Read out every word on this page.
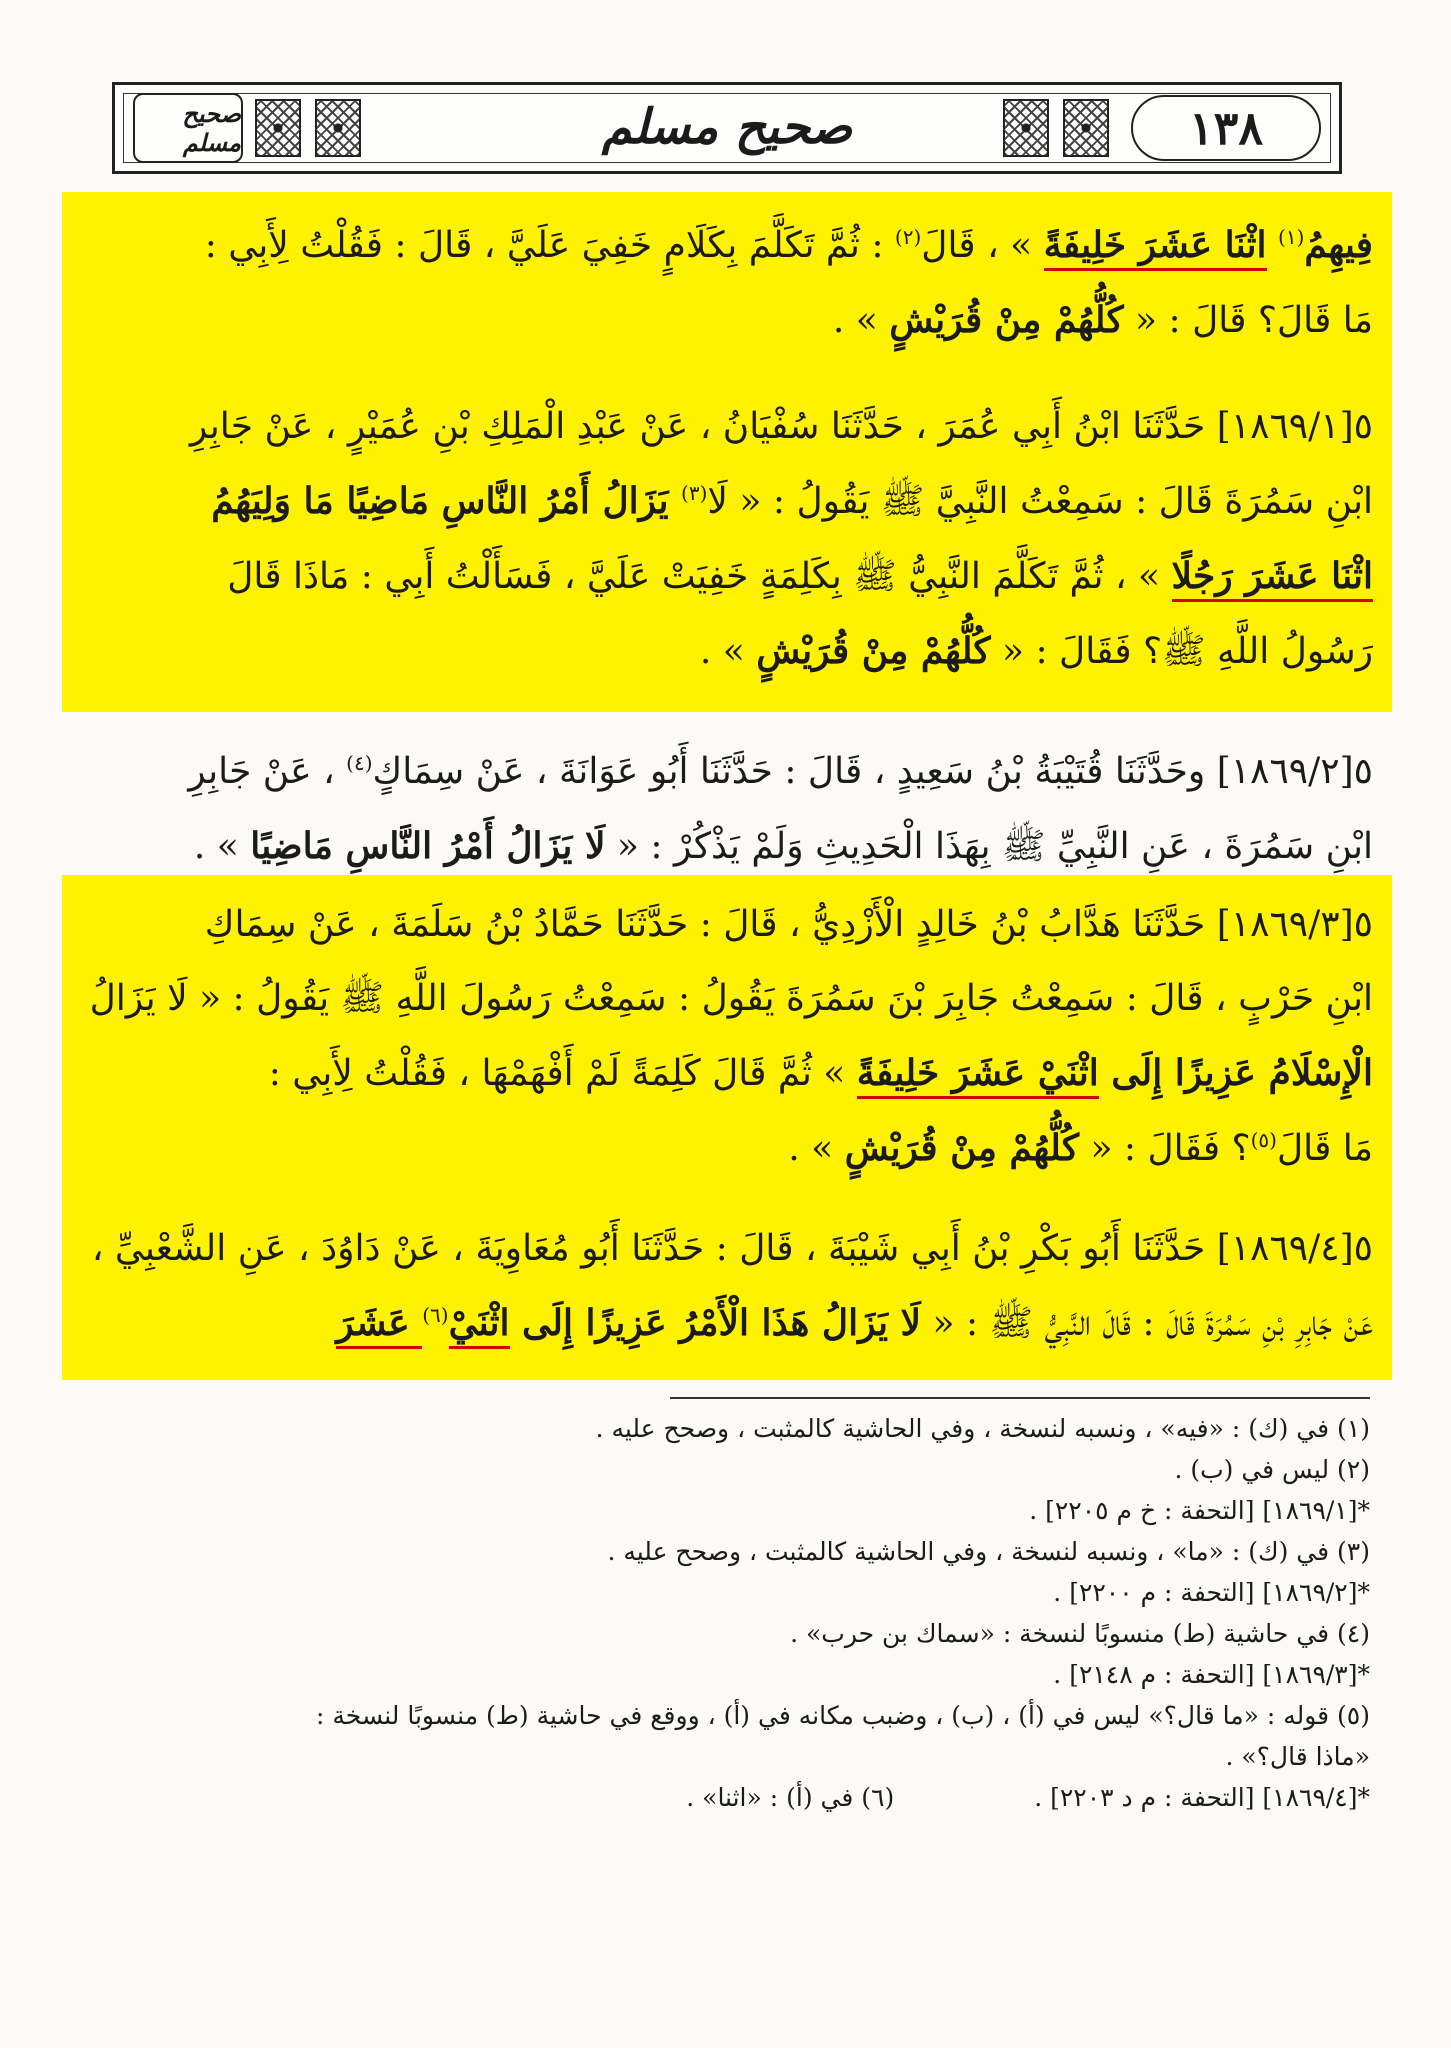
صحيح مسلم	صحيح مسلم	١٣٨
فِيهِمُ$^{(١)}$ اثْنَا عَشَرَ خَلِيفَةً » ، قَالَ$^{(٢)}$ : ثُمَّ تَكَلَّمَ بِكَلَامٍ خَفِيَ عَلَيَّ ، قَالَ : فَقُلْتُ لِأَبِي :
مَا قَالَ؟ قَالَ : « كُلُّهُمْ مِنْ قُرَيْشٍ » .
٥[١٨٦٩/١] حَدَّثَنَا ابْنُ أَبِي عُمَرَ ، حَدَّثَنَا سُفْيَانُ ، عَنْ عَبْدِ الْمَلِكِ بْنِ عُمَيْرٍ ، عَنْ جَابِرِ
ابْنِ سَمُرَةَ قَالَ : سَمِعْتُ النَّبِيَّ ﷺ يَقُولُ : « لَا$^{(٣)}$ يَزَالُ أَمْرُ النَّاسِ مَاضِيًا مَا وَلِيَهُمُ
اثْنَا عَشَرَ رَجُلًا » ، ثُمَّ تَكَلَّمَ النَّبِيُّ ﷺ بِكَلِمَةٍ خَفِيَتْ عَلَيَّ ، فَسَأَلْتُ أَبِي : مَاذَا قَالَ
رَسُولُ اللَّهِ ﷺ؟ فَقَالَ : « كُلُّهُمْ مِنْ قُرَيْشٍ » .
٥[١٨٦٩/٢] وحَدَّثَنَا قُتَيْبَةُ بْنُ سَعِيدٍ ، قَالَ : حَدَّثَنَا أَبُو عَوَانَةَ ، عَنْ سِمَاكٍ$^{(٤)}$ ، عَنْ جَابِرِ
ابْنِ سَمُرَةَ ، عَنِ النَّبِيِّ ﷺ بِهَذَا الْحَدِيثِ وَلَمْ يَذْكُرْ : « لَا يَزَالُ أَمْرُ النَّاسِ مَاضِيًا » .
٥[١٨٦٩/٣] حَدَّثَنَا هَدَّابُ بْنُ خَالِدٍ الْأَزْدِيُّ ، قَالَ : حَدَّثَنَا حَمَّادُ بْنُ سَلَمَةَ ، عَنْ سِمَاكِ
ابْنِ حَرْبٍ ، قَالَ : سَمِعْتُ جَابِرَ بْنَ سَمُرَةَ يَقُولُ : سَمِعْتُ رَسُولَ اللَّهِ ﷺ يَقُولُ : « لَا يَزَالُ
الْإِسْلَامُ عَزِيزًا إِلَى اثْنَيْ عَشَرَ خَلِيفَةً » ثُمَّ قَالَ كَلِمَةً لَمْ أَفْهَمْهَا ، فَقُلْتُ لِأَبِي :
مَا قَالَ$^{(٥)}$؟ فَقَالَ : « كُلُّهُمْ مِنْ قُرَيْشٍ » .
٥[١٨٦٩/٤] حَدَّثَنَا أَبُو بَكْرِ بْنُ أَبِي شَيْبَةَ ، قَالَ : حَدَّثَنَا أَبُو مُعَاوِيَةَ ، عَنْ دَاوُدَ ، عَنِ الشَّعْبِيِّ ،
عَنْ جَابِرِ بْنِ سَمُرَةَ قَالَ : قَالَ النَّبِيُّ ﷺ : « لَا يَزَالُ هَذَا الْأَمْرُ عَزِيزًا إِلَى اثْنَيْ$^{(٦)}$ عَشَرَ
(١) في (ك) : «فيه» ، ونسبه لنسخة ، وفي الحاشية كالمثبت ، وصحح عليه .
(٢) ليس في (ب) .
*[١٨٦٩/١] [التحفة : خ م ٢٢٠٥] .
(٣) في (ك) : «ما» ، ونسبه لنسخة ، وفي الحاشية كالمثبت ، وصحح عليه .
*[١٨٦٩/٢] [التحفة : م ٢٢٠٠] .
(٤) في حاشية (ط) منسوبًا لنسخة : «سماك بن حرب» .
*[١٨٦٩/٣] [التحفة : م ٢١٤٨] .
(٥) قوله : «ما قال؟» ليس في (أ) ، (ب) ، وضبب مكانه في (أ) ، ووقع في حاشية (ط) منسوبًا لنسخة :
«ماذا قال؟» .
*[١٨٦٩/٤] [التحفة : م د ٢٢٠٣] .
(٦) في (أ) : «اثنا» .
